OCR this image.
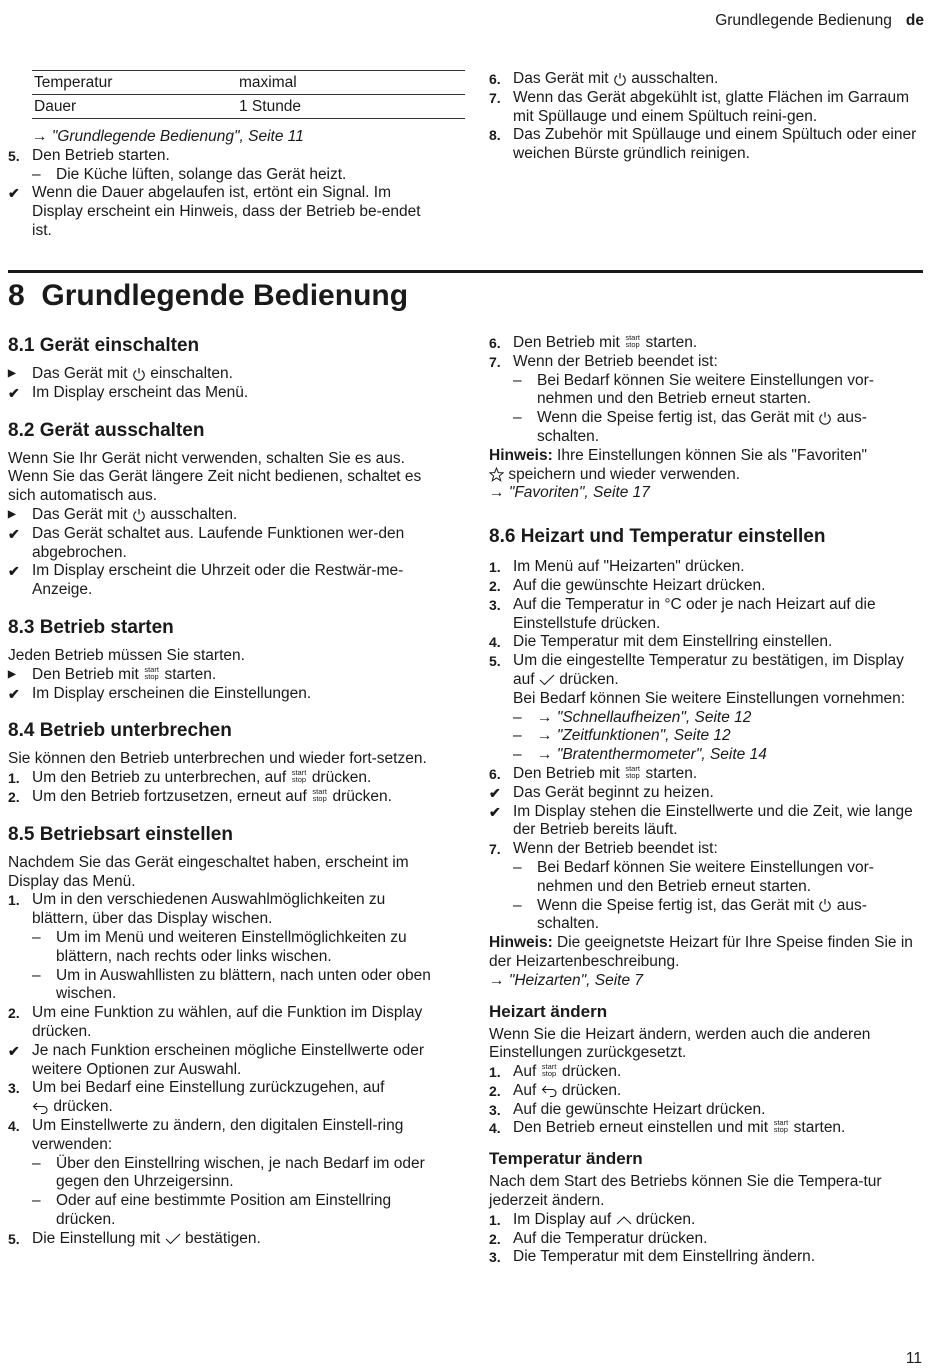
Grundlegende Bedienung de
Temperatur	maximal
Dauer	1 Stunde
→ "Grundlegende Bedienung", Seite 11
5. Den Betrieb starten.
– Die Küche lüften, solange das Gerät heizt.
✔ Wenn die Dauer abgelaufen ist, ertönt ein Signal. Im Display erscheint ein Hinweis, dass der Betrieb be-endet ist.
6. Das Gerät mit ausschalten.
7. Wenn das Gerät abgekühlt ist, glatte Flächen im Garraum mit Spüllauge und einem Spültuch reini-gen.
8. Das Zubehör mit Spüllauge und einem Spültuch oder einer weichen Bürste gründlich reinigen.
8 Grundlegende Bedienung
8.1 Gerät einschalten
▶	Das Gerät mit einschalten.
✔ Im Display erscheint das Menü.
8.2 Gerät ausschalten
Wenn Sie Ihr Gerät nicht verwenden, schalten Sie es aus. Wenn Sie das Gerät längere Zeit nicht bedienen, schaltet es sich automatisch aus.
▶	Das Gerät mit ausschalten.
✔ Das Gerät schaltet aus. Laufende Funktionen wer-den abgebrochen.
✔ Im Display erscheint die Uhrzeit oder die Restwär-me-Anzeige.
8.3 Betrieb starten
Jeden Betrieb müssen Sie starten.
▶	Den Betrieb mit start
stop starten.
✔ Im Display erscheinen die Einstellungen.
8.4 Betrieb unterbrechen
Sie können den Betrieb unterbrechen und wieder fort-setzen.
1. Um den Betrieb zu unterbrechen, auf start
stop drücken.
2. Um den Betrieb fortzusetzen, erneut auf start
stop drücken.
8.5 Betriebsart einstellen
Nachdem Sie das Gerät eingeschaltet haben, erscheint im Display das Menü.
1. Um in den verschiedenen Auswahlmöglichkeiten zu blättern, über das Display wischen.
– Um im Menü und weiteren Einstellmöglichkeiten zu blättern, nach rechts oder links wischen.
– Um in Auswahllisten zu blättern, nach unten oder oben wischen.
2. Um eine Funktion zu wählen, auf die Funktion im Display drücken.
✔ Je nach Funktion erscheinen mögliche Einstellwerte oder weitere Optionen zur Auswahl.
3. Um bei Bedarf eine Einstellung zurückzugehen, auf
drücken.
4. Um Einstellwerte zu ändern, den digitalen Einstell-ring verwenden:
– Über den Einstellring wischen, je nach Bedarf im oder gegen den Uhrzeigersinn.
– Oder auf eine bestimmte Position am Einstellring drücken.
5. Die Einstellung mit bestätigen.
6. Den Betrieb mit start
stop starten.
7. Wenn der Betrieb beendet ist:
– Bei Bedarf können Sie weitere Einstellungen vor-nehmen und den Betrieb erneut starten.
– Wenn die Speise fertig ist, das Gerät mit aus-schalten.
Hinweis: Ihre Einstellungen können Sie als "Favoriten"
speichern und wieder verwenden.
→ "Favoriten", Seite 17
8.6 Heizart und Temperatur einstellen
1. Im Menü auf "Heizarten" drücken.
2. Auf die gewünschte Heizart drücken.
3. Auf die Temperatur in °C oder je nach Heizart auf die Einstellstufe drücken.
4. Die Temperatur mit dem Einstellring einstellen.
5. Um die eingestellte Temperatur zu bestätigen, im Display auf drücken.
Bei Bedarf können Sie weitere Einstellungen vornehmen:
– → "Schnellaufheizen", Seite 12
– → "Zeitfunktionen", Seite 12
– → "Bratenthermometer", Seite 14
6. Den Betrieb mit start
stop starten.
✔ Das Gerät beginnt zu heizen.
✔ Im Display stehen die Einstellwerte und die Zeit, wie lange der Betrieb bereits läuft.
7. Wenn der Betrieb beendet ist:
– Bei Bedarf können Sie weitere Einstellungen vor-nehmen und den Betrieb erneut starten.
– Wenn die Speise fertig ist, das Gerät mit aus-schalten.
Hinweis: Die geeignetste Heizart für Ihre Speise finden Sie in der Heizartenbeschreibung.
→ "Heizarten", Seite 7
Heizart ändern
Wenn Sie die Heizart ändern, werden auch die anderen Einstellungen zurückgesetzt.
1. Auf start
stop drücken.
2. Auf drücken.
3. Auf die gewünschte Heizart drücken.
4. Den Betrieb erneut einstellen und mit start
stop starten.
Temperatur ändern
Nach dem Start des Betriebs können Sie die Tempera-tur jederzeit ändern.
1. Im Display auf drücken.
2. Auf die Temperatur drücken.
3. Die Temperatur mit dem Einstellring ändern.
11
